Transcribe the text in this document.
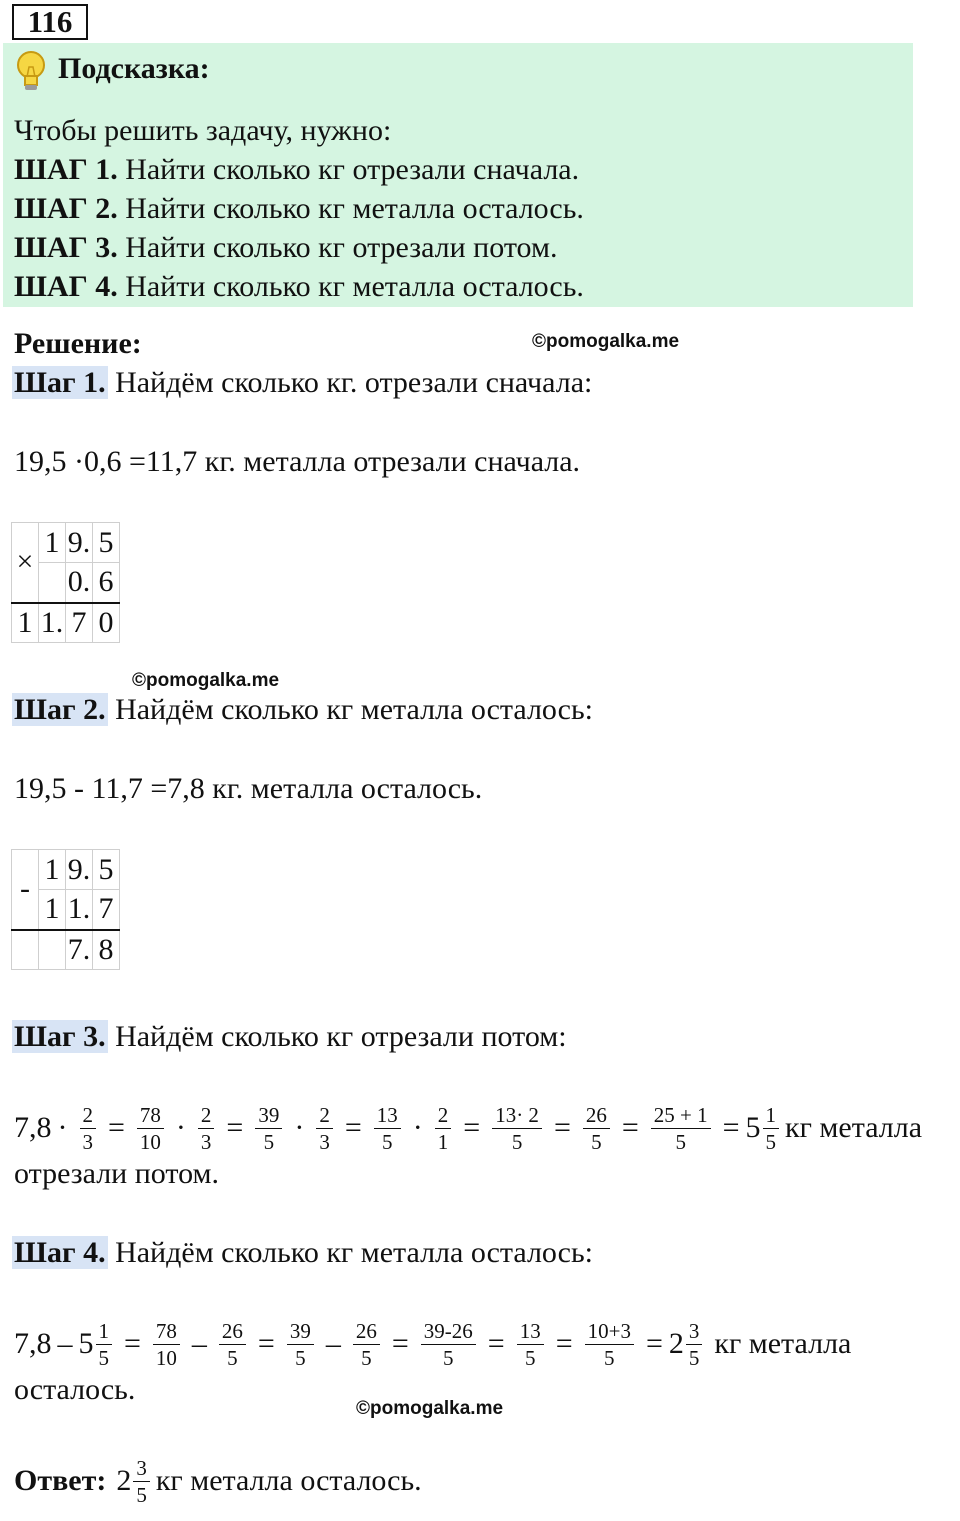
116
Подсказка:
Чтобы решить задачу, нужно:
ШАГ 1. Найти сколько кг отрезали сначала.
ШАГ 2. Найти сколько кг металла осталось.
ШАГ 3. Найти сколько кг отрезали потом.
ШАГ 4. Найти сколько кг металла осталось.
Решение:	©pomogalka.me
Шаг 1. Найдём сколько кг. отрезали сначала:
19,5 ·0,6 =11,7 кг. металла отрезали сначала.
×	1	9.	5
		0.	6
1	1.	7	0
©pomogalka.me
Шаг 2. Найдём сколько кг металла осталось:
19,5 - 11,7 =7,8 кг. металла осталось.
-	1	9.	5
	1	1.	7
		7.	8
Шаг 3. Найдём сколько кг отрезали потом:
$7,8 \cdot \frac{2}{3} = \frac{78}{10} \cdot \frac{2}{3} = \frac{39}{5} \cdot \frac{2}{3} = \frac{13}{5} \cdot \frac{2}{1} = \frac{13\cdot 2}{5} = \frac{26}{5} = \frac{25 + 1}{5} = 5 \frac{1}{5}$ кг металла
отрезали потом.
Шаг 4. Найдём сколько кг металла осталось:
$7,8 - 5 \frac{1}{5} = \frac{78}{10} - \frac{26}{5} = \frac{39}{5} - \frac{26}{5} = \frac{39-26}{5} = \frac{13}{5} = \frac{10+3}{5} = 2 \frac{3}{5}$ кг металла
осталось.
©pomogalka.me
Ответ: $2 \frac{3}{5}$ кг металла осталось.
